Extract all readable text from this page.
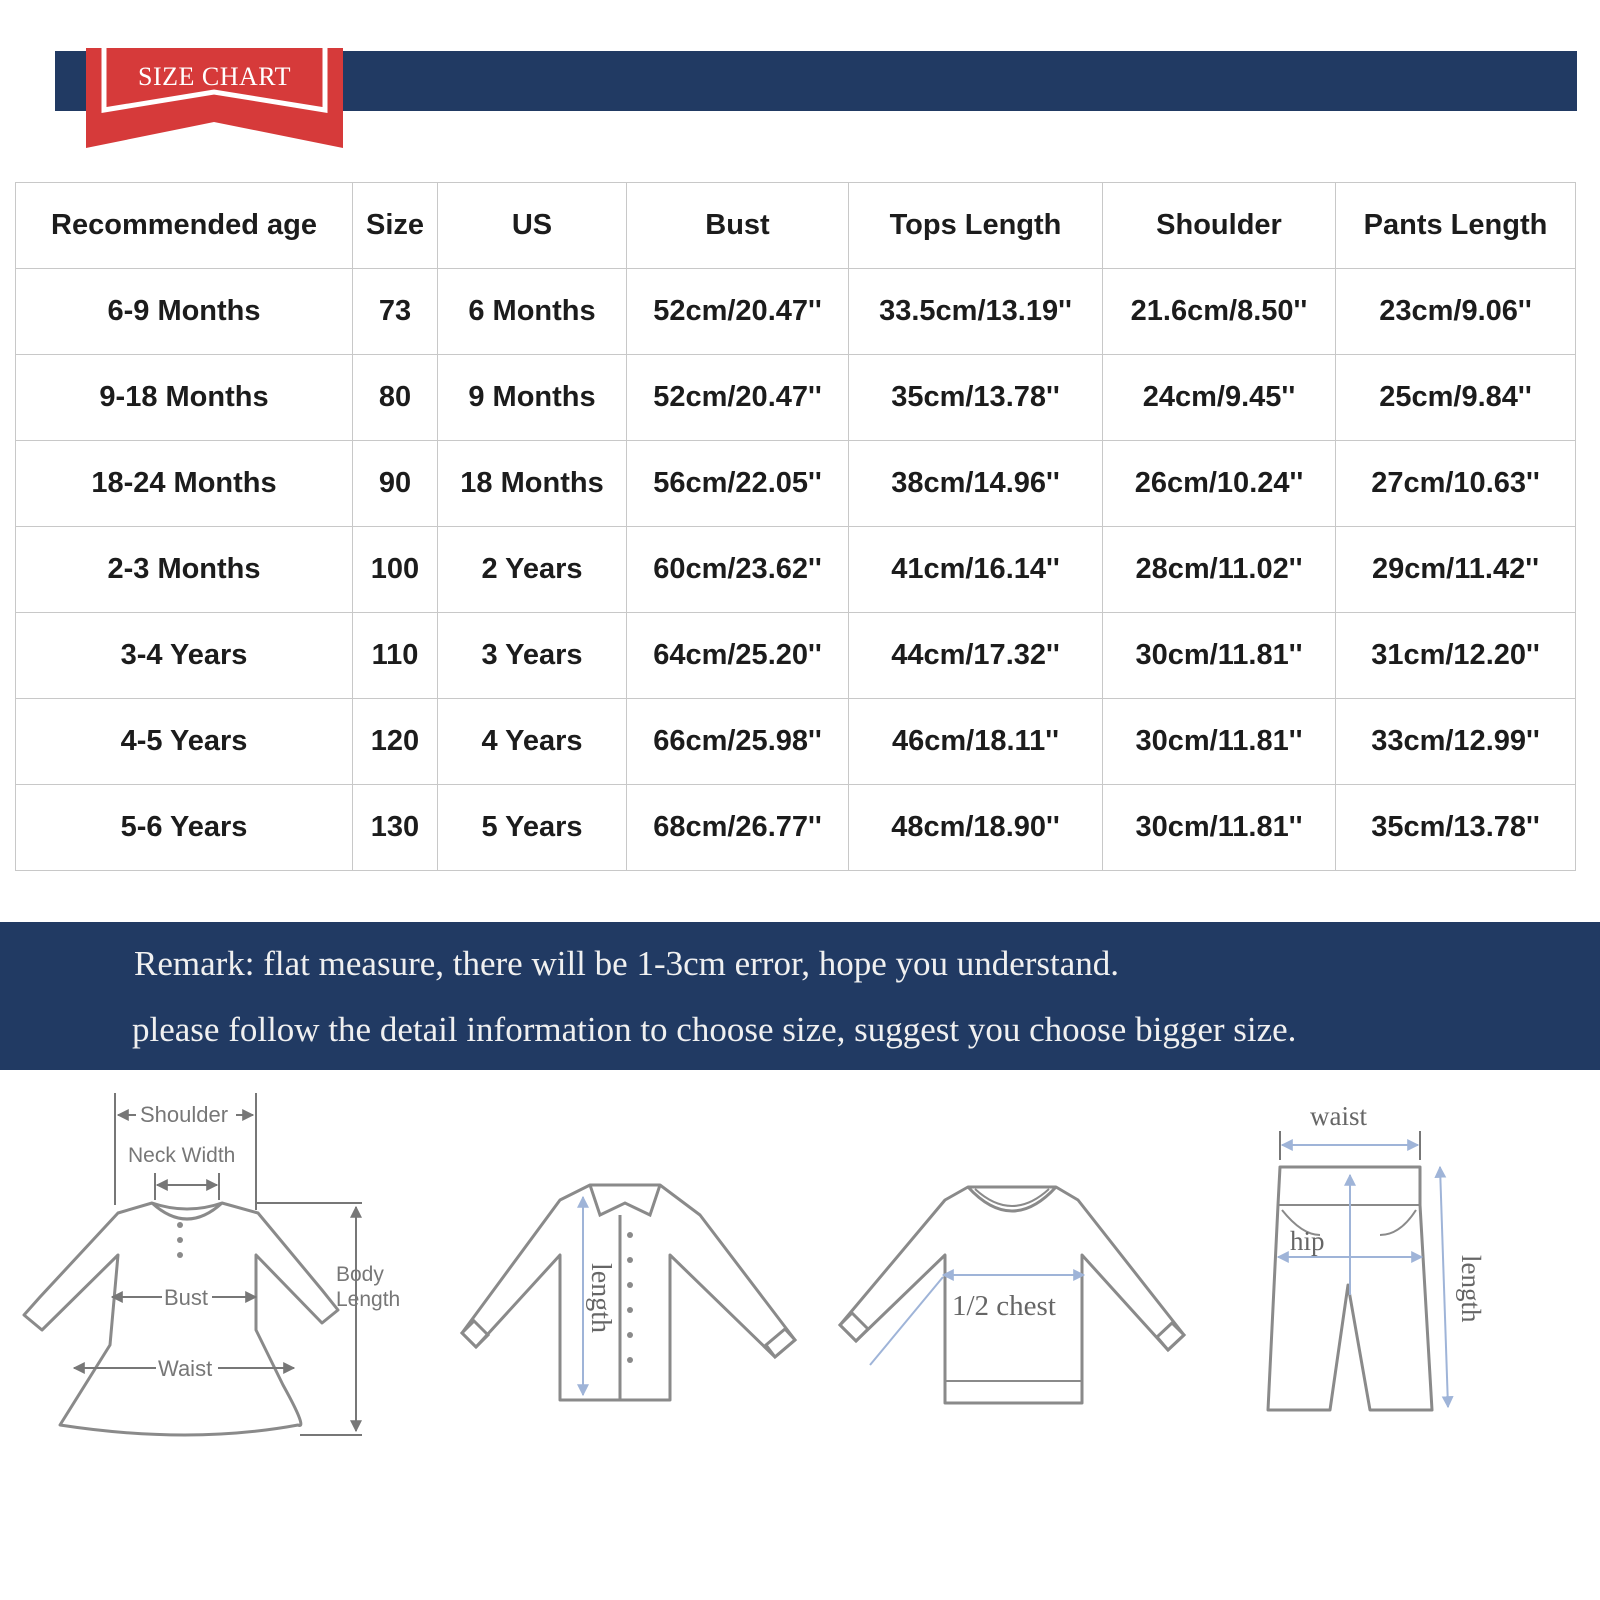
SIZE CHART
Recommended age	Size	US	Bust	Tops Length	Shoulder	Pants Length
6-9 Months	73	6 Months	52cm/20.47''	33.5cm/13.19''	21.6cm/8.50''	23cm/9.06''
9-18 Months	80	9 Months	52cm/20.47''	35cm/13.78''	24cm/9.45''	25cm/9.84''
18-24 Months	90	18 Months	56cm/22.05''	38cm/14.96''	26cm/10.24''	27cm/10.63''
2-3 Months	100	2 Years	60cm/23.62''	41cm/16.14''	28cm/11.02''	29cm/11.42''
3-4 Years	110	3 Years	64cm/25.20''	44cm/17.32''	30cm/11.81''	31cm/12.20''
4-5 Years	120	4 Years	66cm/25.98''	46cm/18.11''	30cm/11.81''	33cm/12.99''
5-6 Years	130	5 Years	68cm/26.77''	48cm/18.90''	30cm/11.81''	35cm/13.78''
Remark: flat measure, there will be 1-3cm error, hope you understand.
please follow the detail information to choose size, suggest you choose bigger size.
Shoulder
Neck Width
Bust
Waist
Body
Length	length	1/2 chest
waist
hip
length
